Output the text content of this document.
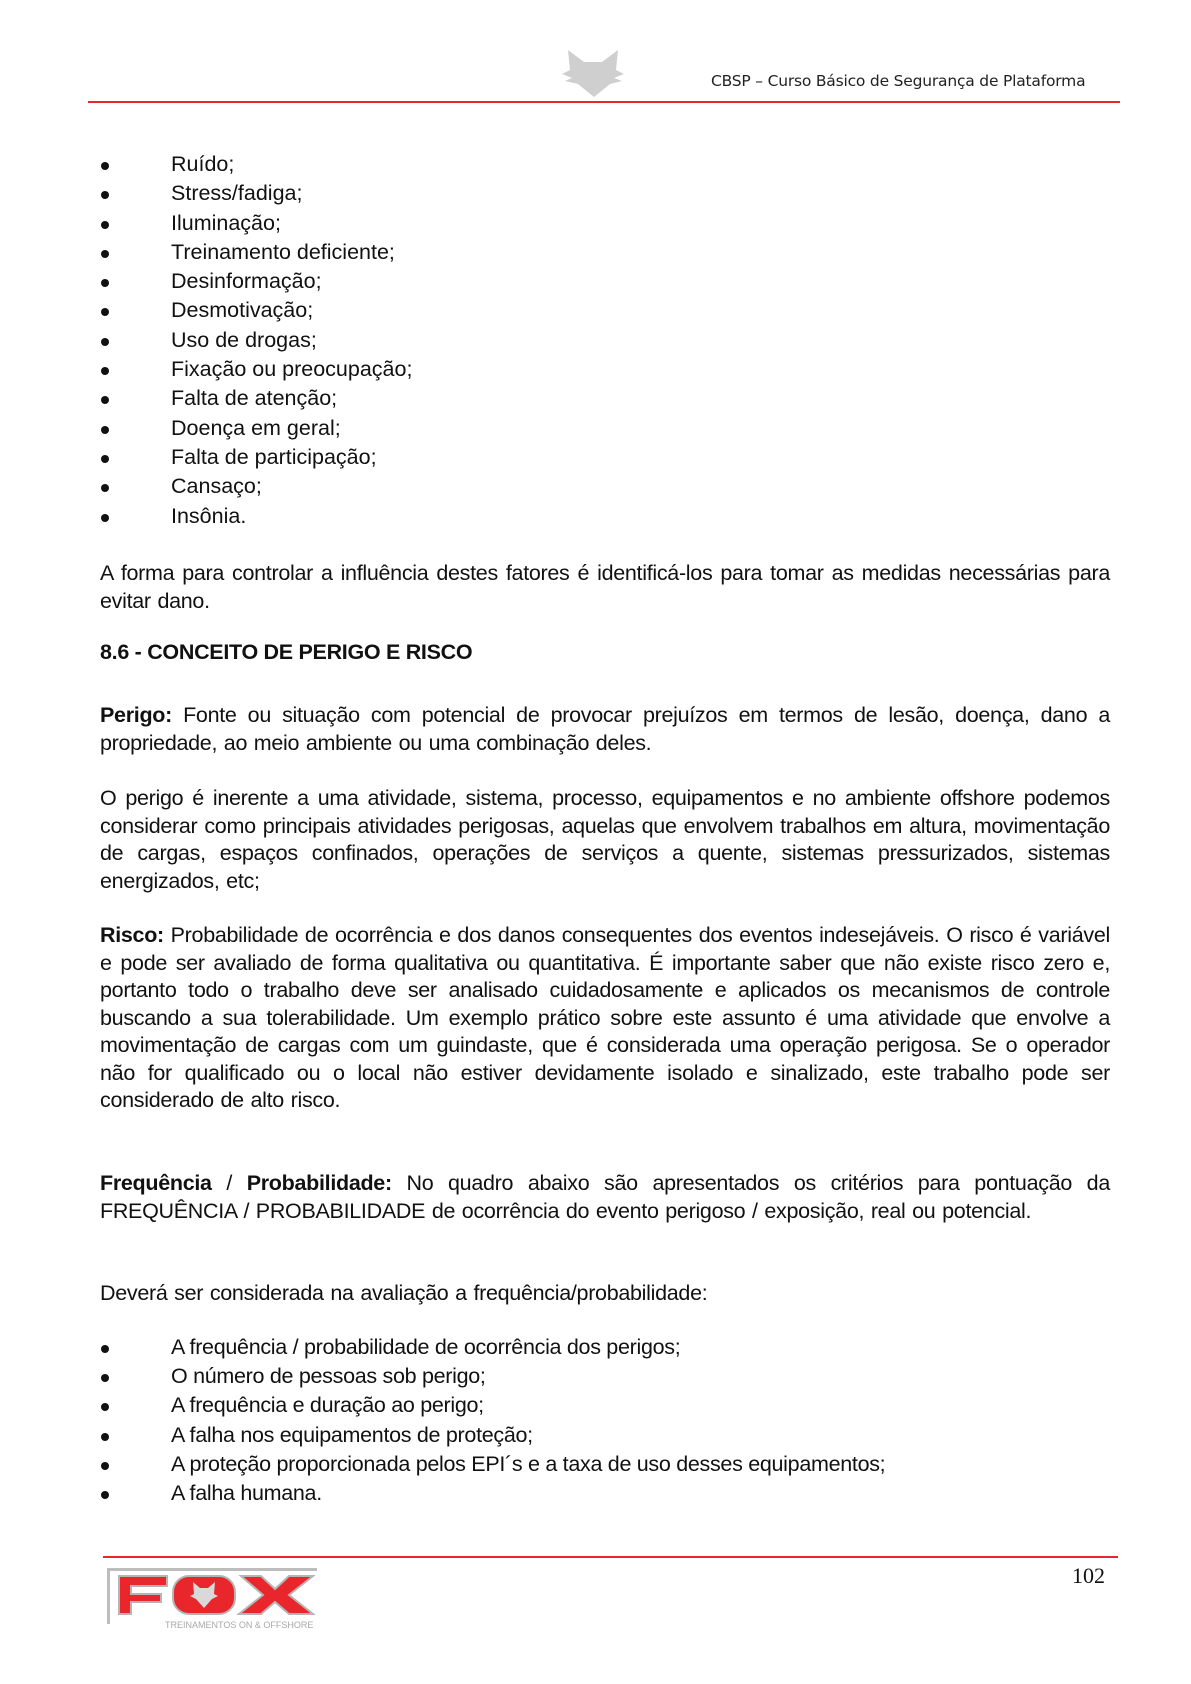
CBSP – Curso Básico de Segurança de Plataforma
Ruído;
Stress/fadiga;
Iluminação;
Treinamento deficiente;
Desinformação;
Desmotivação;
Uso de drogas;
Fixação ou preocupação;
Falta de atenção;
Doença em geral;
Falta de participação;
Cansaço;
Insônia.

A forma para controlar a influência destes fatores é identificá-los para tomar as medidas necessárias para evitar dano.

8.6 - CONCEITO DE PERIGO E RISCO

Perigo: Fonte ou situação com potencial de provocar prejuízos em termos de lesão, doença, dano a propriedade, ao meio ambiente ou uma combinação deles.

O perigo é inerente a uma atividade, sistema, processo, equipamentos e no ambiente offshore podemos considerar como principais atividades perigosas, aquelas que envolvem trabalhos em altura, movimentação de cargas, espaços confinados, operações de serviços a quente, sistemas pressurizados, sistemas energizados, etc;

Risco: Probabilidade de ocorrência e dos danos consequentes dos eventos indesejáveis. O risco é variável e pode ser avaliado de forma qualitativa ou quantitativa. É importante saber que não existe risco zero e, portanto todo o trabalho deve ser analisado cuidadosamente e aplicados os mecanismos de controle buscando a sua tolerabilidade. Um exemplo prático sobre este assunto é uma atividade que envolve a movimentação de cargas com um guindaste, que é considerada uma operação perigosa. Se o operador não for qualificado ou o local não estiver devidamente isolado e sinalizado, este trabalho pode ser considerado de alto risco.

Frequência / Probabilidade: No quadro abaixo são apresentados os critérios para pontuação da FREQUÊNCIA / PROBABILIDADE de ocorrência do evento perigoso / exposição, real ou potencial.

Deverá ser considerada na avaliação a frequência/probabilidade:

A frequência / probabilidade de ocorrência dos perigos;
O número de pessoas sob perigo;
A frequência e duração ao perigo;
A falha nos equipamentos de proteção;
A proteção proporcionada pelos EPI´s e a taxa de uso desses equipamentos;
A falha humana.
TREINAMENTOS ON & OFFSHORE
102
